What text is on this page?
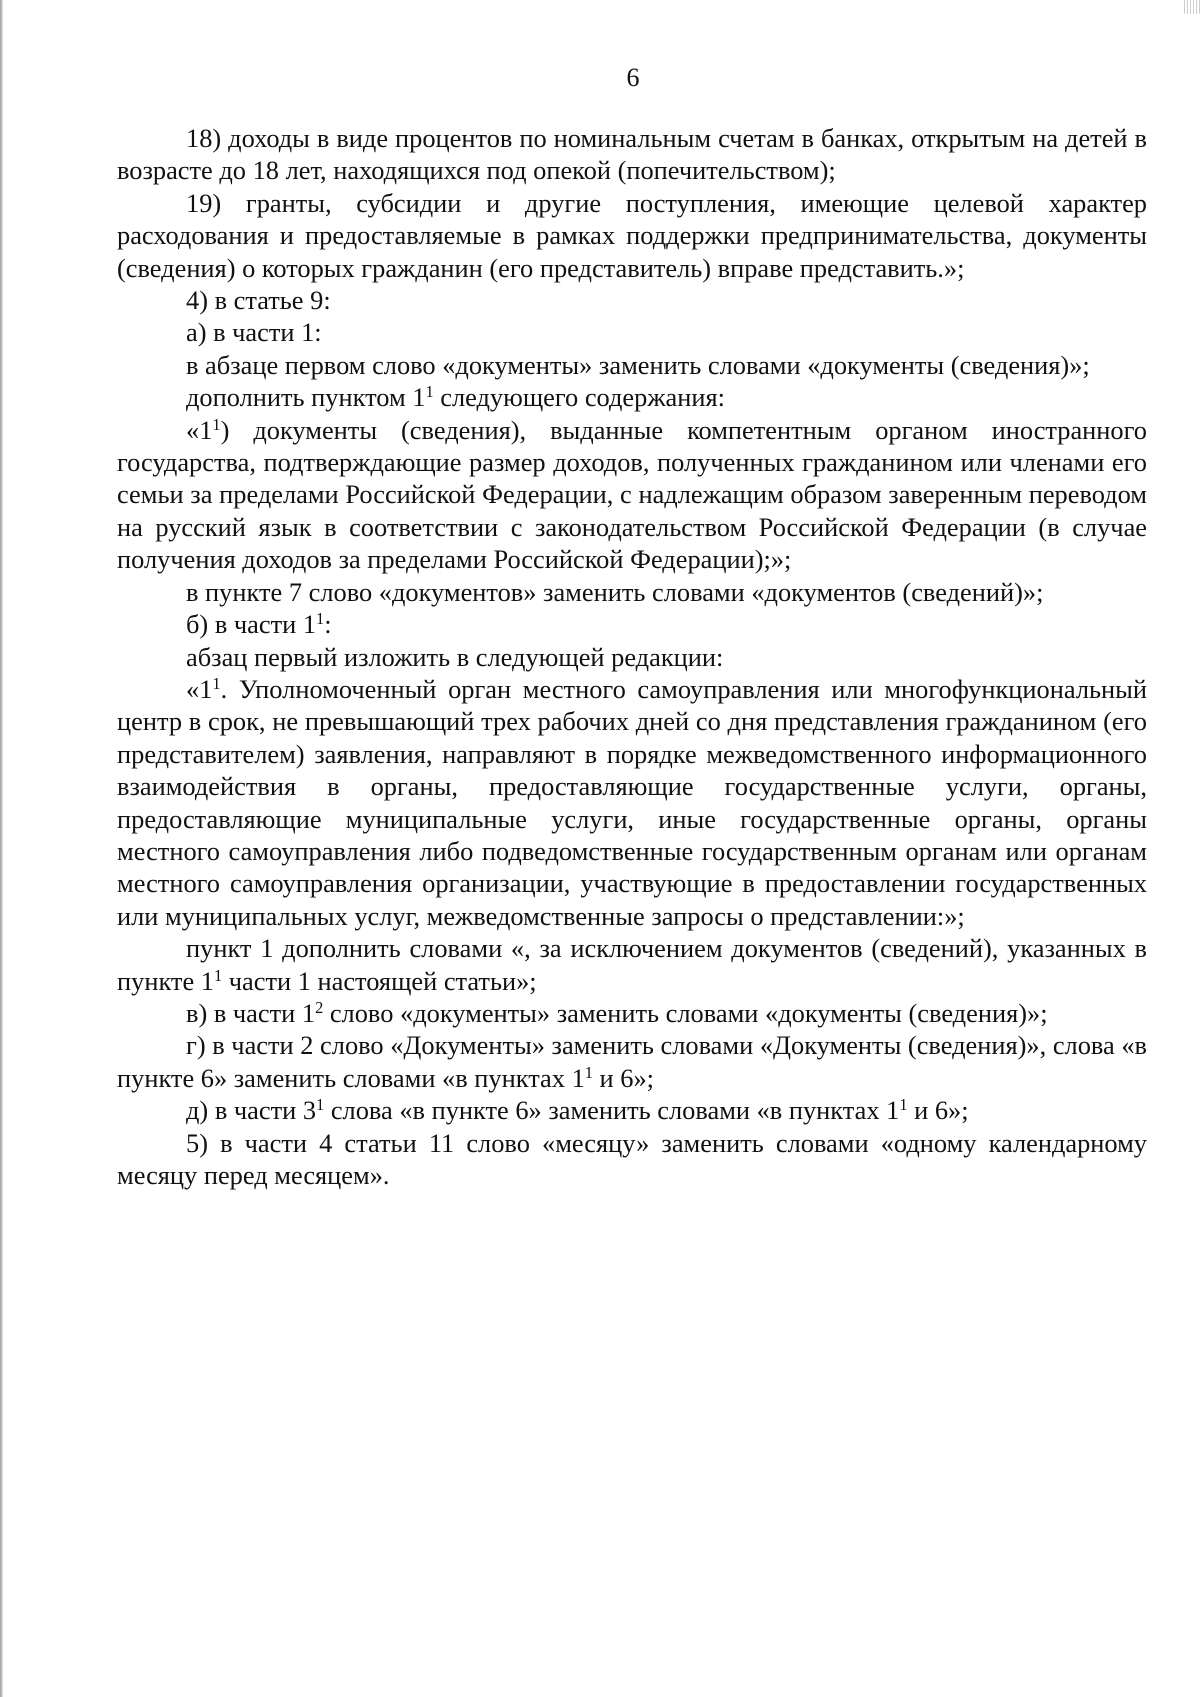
6

18) доходы в виде процентов по номинальным счетам в банках, открытым на детей в возрасте до 18 лет, находящихся под опекой (попечительством);

19) гранты, субсидии и другие поступления, имеющие целевой характер расходования и предоставляемые в рамках поддержки предпринимательства, документы (сведения) о которых гражданин (его представитель) вправе представить.»;

4) в статье 9:

а) в части 1:

в абзаце первом слово «документы» заменить словами «документы (сведения)»;

дополнить пунктом $1^1$ следующего содержания:

«$1^1$) документы (сведения), выданные компетентным органом иностранного государства, подтверждающие размер доходов, полученных гражданином или членами его семьи за пределами Российской Федерации, с надлежащим образом заверенным переводом на русский язык в соответствии с законодательством Российской Федерации (в случае получения доходов за пределами Российской Федерации);»;

в пункте 7 слово «документов» заменить словами «документов (сведений)»;

б) в части $1^1$:

абзац первый изложить в следующей редакции:

«$1^1$. Уполномоченный орган местного самоуправления или многофункциональный центр в срок, не превышающий трех рабочих дней со дня представления гражданином (его представителем) заявления, направляют в порядке межведомственного информационного взаимодействия в органы, предоставляющие государственные услуги, органы, предоставляющие муниципальные услуги, иные государственные органы, органы местного самоуправления либо подведомственные государственным органам или органам местного самоуправления организации, участвующие в предоставлении государственных или муниципальных услуг, межведомственные запросы о представлении:»;

пункт 1 дополнить словами «, за исключением документов (сведений), указанных в пункте $1^1$ части 1 настоящей статьи»;

в) в части $1^2$ слово «документы» заменить словами «документы (сведения)»;

г) в части 2 слово «Документы» заменить словами «Документы (сведения)», слова «в пункте 6» заменить словами «в пунктах $1^1$ и 6»;

д) в части $3^1$ слова «в пункте 6» заменить словами «в пунктах $1^1$ и 6»;

5) в части 4 статьи 11 слово «месяцу» заменить словами «одному календарному месяцу перед месяцем».
